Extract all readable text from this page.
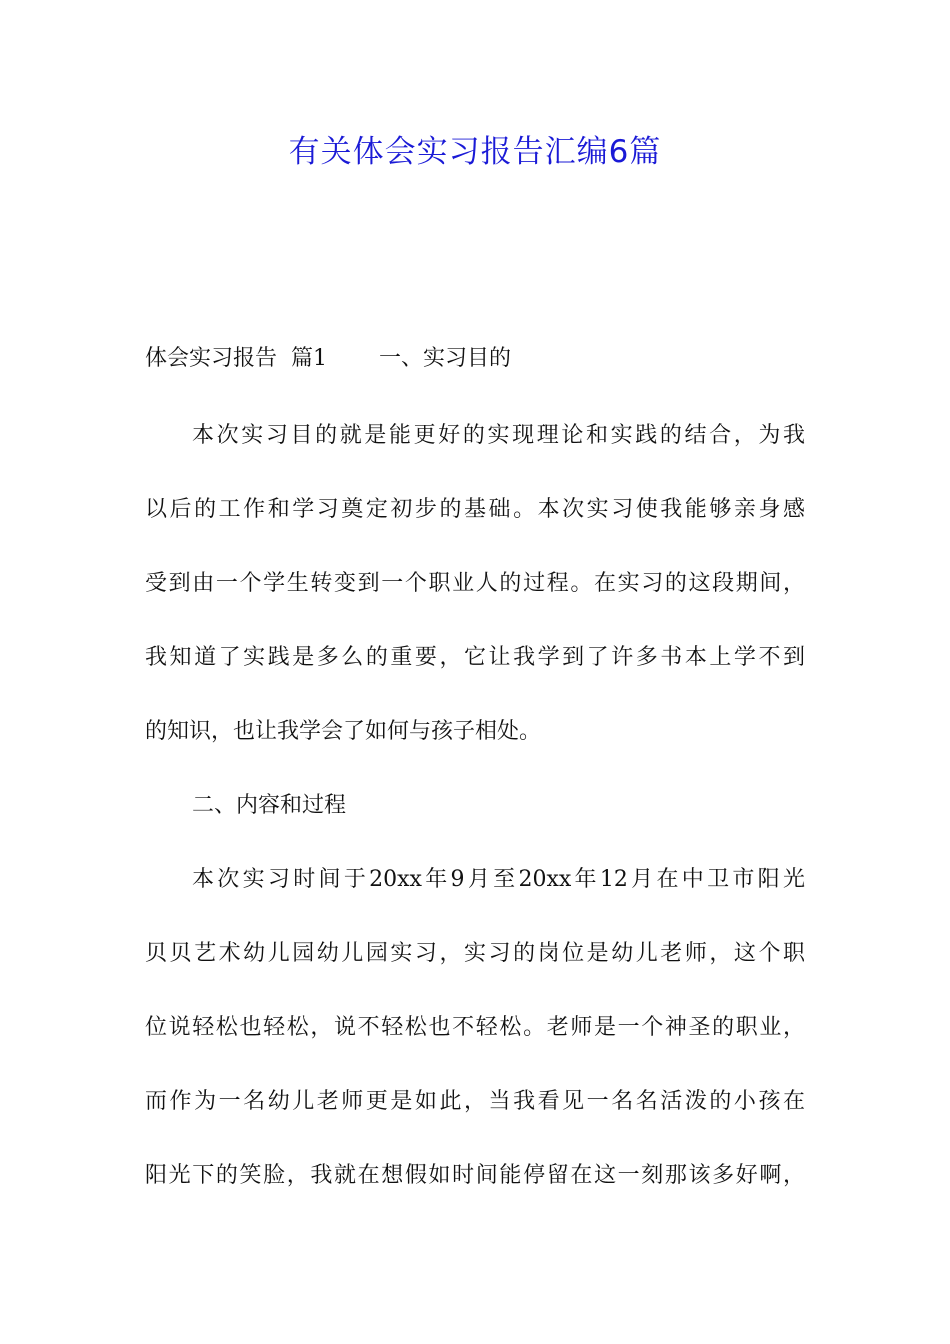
有关体会实习报告汇编6篇
体会实习报告  篇1 一、实习目的

本次实习目的就是能更好的实现理论和实践的结合，为我

以后的工作和学习奠定初步的基础。本次实习使我能够亲身感

受到由一个学生转变到一个职业人的过程。在实习的这段期间，

我知道了实践是多么的重要，它让我学到了许多书本上学不到

的知识，也让我学会了如何与孩子相处。

二、内容和过程

本次实习时间于20xx年9月至20xx年12月在中卫市阳光

贝贝艺术幼儿园幼儿园实习，实习的岗位是幼儿老师，这个职

位说轻松也轻松，说不轻松也不轻松。老师是一个神圣的职业，

而作为一名幼儿老师更是如此，当我看见一名名活泼的小孩在

阳光下的笑脸，我就在想假如时间能停留在这一刻那该多好啊，
